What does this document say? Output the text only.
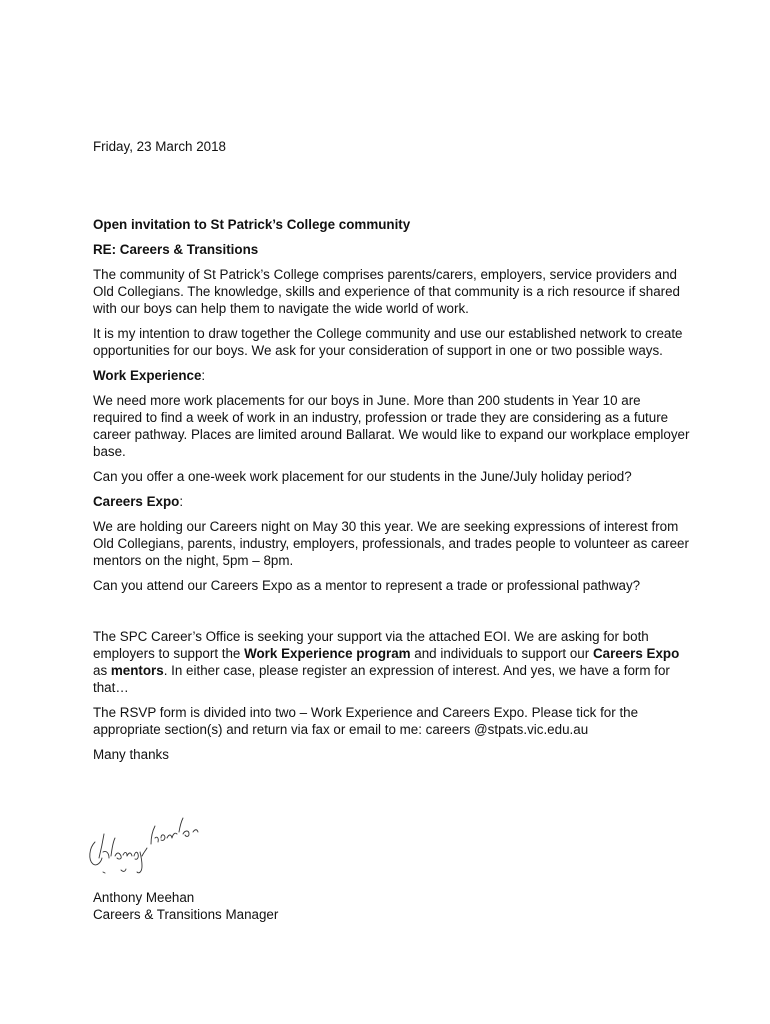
Friday, 23 March 2018

Open invitation to St Patrick’s College community

RE: Careers & Transitions

The community of St Patrick’s College comprises parents/carers, employers, service providers and Old Collegians. The knowledge, skills and experience of that community is a rich resource if shared with our boys can help them to navigate the wide world of work.

It is my intention to draw together the College community and use our established network to create opportunities for our boys. We ask for your consideration of support in one or two possible ways.

Work Experience:

We need more work placements for our boys in June. More than 200 students in Year 10 are required to find a week of work in an industry, profession or trade they are considering as a future career pathway. Places are limited around Ballarat. We would like to expand our workplace employer base.

Can you offer a one-week work placement for our students in the June/July holiday period?

Careers Expo:

We are holding our Careers night on May 30 this year. We are seeking expressions of interest from Old Collegians, parents, industry, employers, professionals, and trades people to volunteer as career mentors on the night, 5pm – 8pm.

Can you attend our Careers Expo as a mentor to represent a trade or professional pathway?

The SPC Career’s Office is seeking your support via the attached EOI. We are asking for both employers to support the Work Experience program and individuals to support our Careers Expo as mentors. In either case, please register an expression of interest. And yes, we have a form for that…

The RSVP form is divided into two – Work Experience and Careers Expo. Please tick for the appropriate section(s) and return via fax or email to me: careers @stpats.vic.edu.au

Many thanks

Anthony Meehan
Careers & Transitions Manager
